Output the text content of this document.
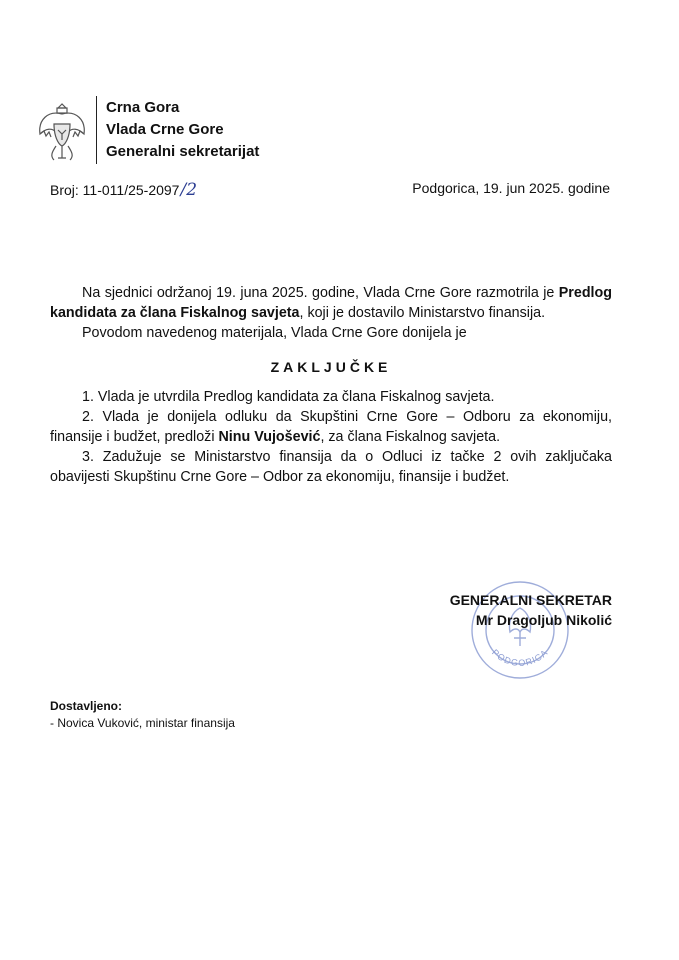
Crna Gora
Vlada Crne Gore
Generalni sekretarijat
Broj: 11-011/25-2097/2	Podgorica, 19. jun 2025. godine

Na sjednici održanoj 19. juna 2025. godine, Vlada Crne Gore razmotrila je Predlog kandidata za člana Fiskalnog savjeta, koji je dostavilo Ministarstvo finansija.

Povodom navedenog materijala, Vlada Crne Gore donijela je

ZAKLJUČKE

1. Vlada je utvrdila Predlog kandidata za člana Fiskalnog savjeta.

2. Vlada je donijela odluku da Skupštini Crne Gore – Odboru za ekonomiju, finansije i budžet, predloži Ninu Vujošević, za člana Fiskalnog savjeta.

3. Zadužuje se Ministarstvo finansija da o Odluci iz tačke 2 ovih zaključaka obavijesti Skupštinu Crne Gore – Odbor za ekonomiju, finansije i budžet.

PODGORICA
GENERALNI SEKRETAR
Mr Dragoljub Nikolić
Dostavljeno:
- Novica Vuković, ministar finansija
